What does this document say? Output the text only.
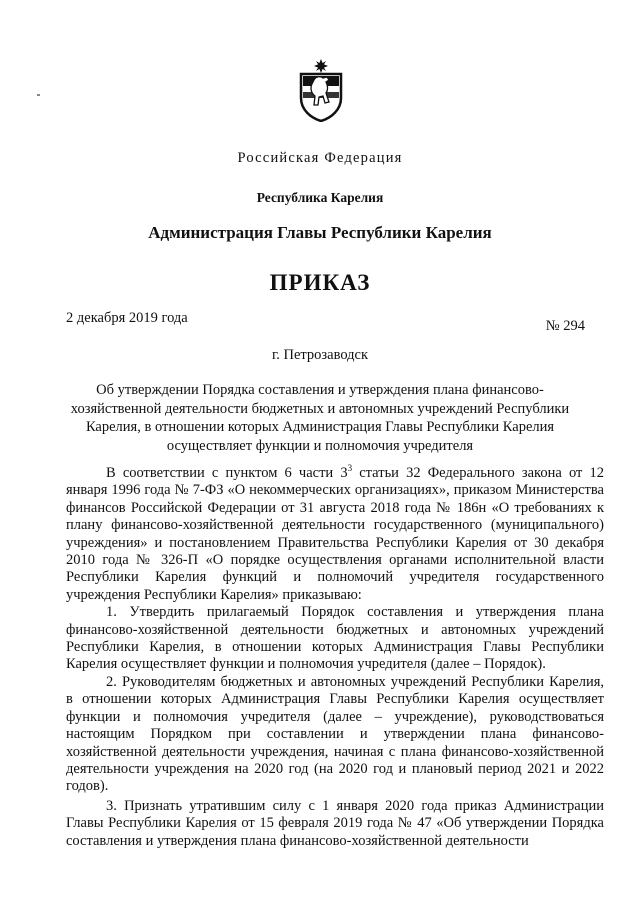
Российская Федерация
Республика Карелия
Администрация Главы Республики Карелия
ПРИКАЗ
2 декабря 2019 года	№ 294
г. Петрозаводск
Об утверждении Порядка составления и утверждения плана финансово-хозяйственной деятельности бюджетных и автономных учреждений Республики Карелия, в отношении которых Администрация Главы Республики Карелия осуществляет функции и полномочия учредителя

В соответствии с пунктом 6 части $3^3$ статьи 32 Федерального закона от 12 января 1996 года № 7-ФЗ «О некоммерческих организациях», приказом Министерства финансов Российской Федерации от 31 августа 2018 года № 186н «О требованиях к плану финансово-хозяйственной деятельности государственного (муниципального) учреждения» и постановлением Правительства Республики Карелия от 30 декабря 2010 года № 326-П «О порядке осуществления органами исполнительной власти Республики Карелия функций и полномочий учредителя государственного учреждения Республики Карелия» приказываю:

1. Утвердить прилагаемый Порядок составления и утверждения плана финансово-хозяйственной деятельности бюджетных и автономных учреждений Республики Карелия, в отношении которых Администрация Главы Республики Карелия осуществляет функции и полномочия учредителя (далее – Порядок).

2. Руководителям бюджетных и автономных учреждений Республики Карелия, в отношении которых Администрация Главы Республики Карелия осуществляет функции и полномочия учредителя (далее – учреждение), руководствоваться настоящим Порядком при составлении и утверждении плана финансово-хозяйственной деятельности учреждения, начиная с плана финансово-хозяйственной деятельности учреждения на 2020 год (на 2020 год и плановый период 2021 и 2022 годов).

3. Признать утратившим силу с 1 января 2020 года приказ Администрации Главы Республики Карелия от 15 февраля 2019 года № 47 «Об утверждении Порядка составления и утверждения плана финансово-хозяйственной деятельности
